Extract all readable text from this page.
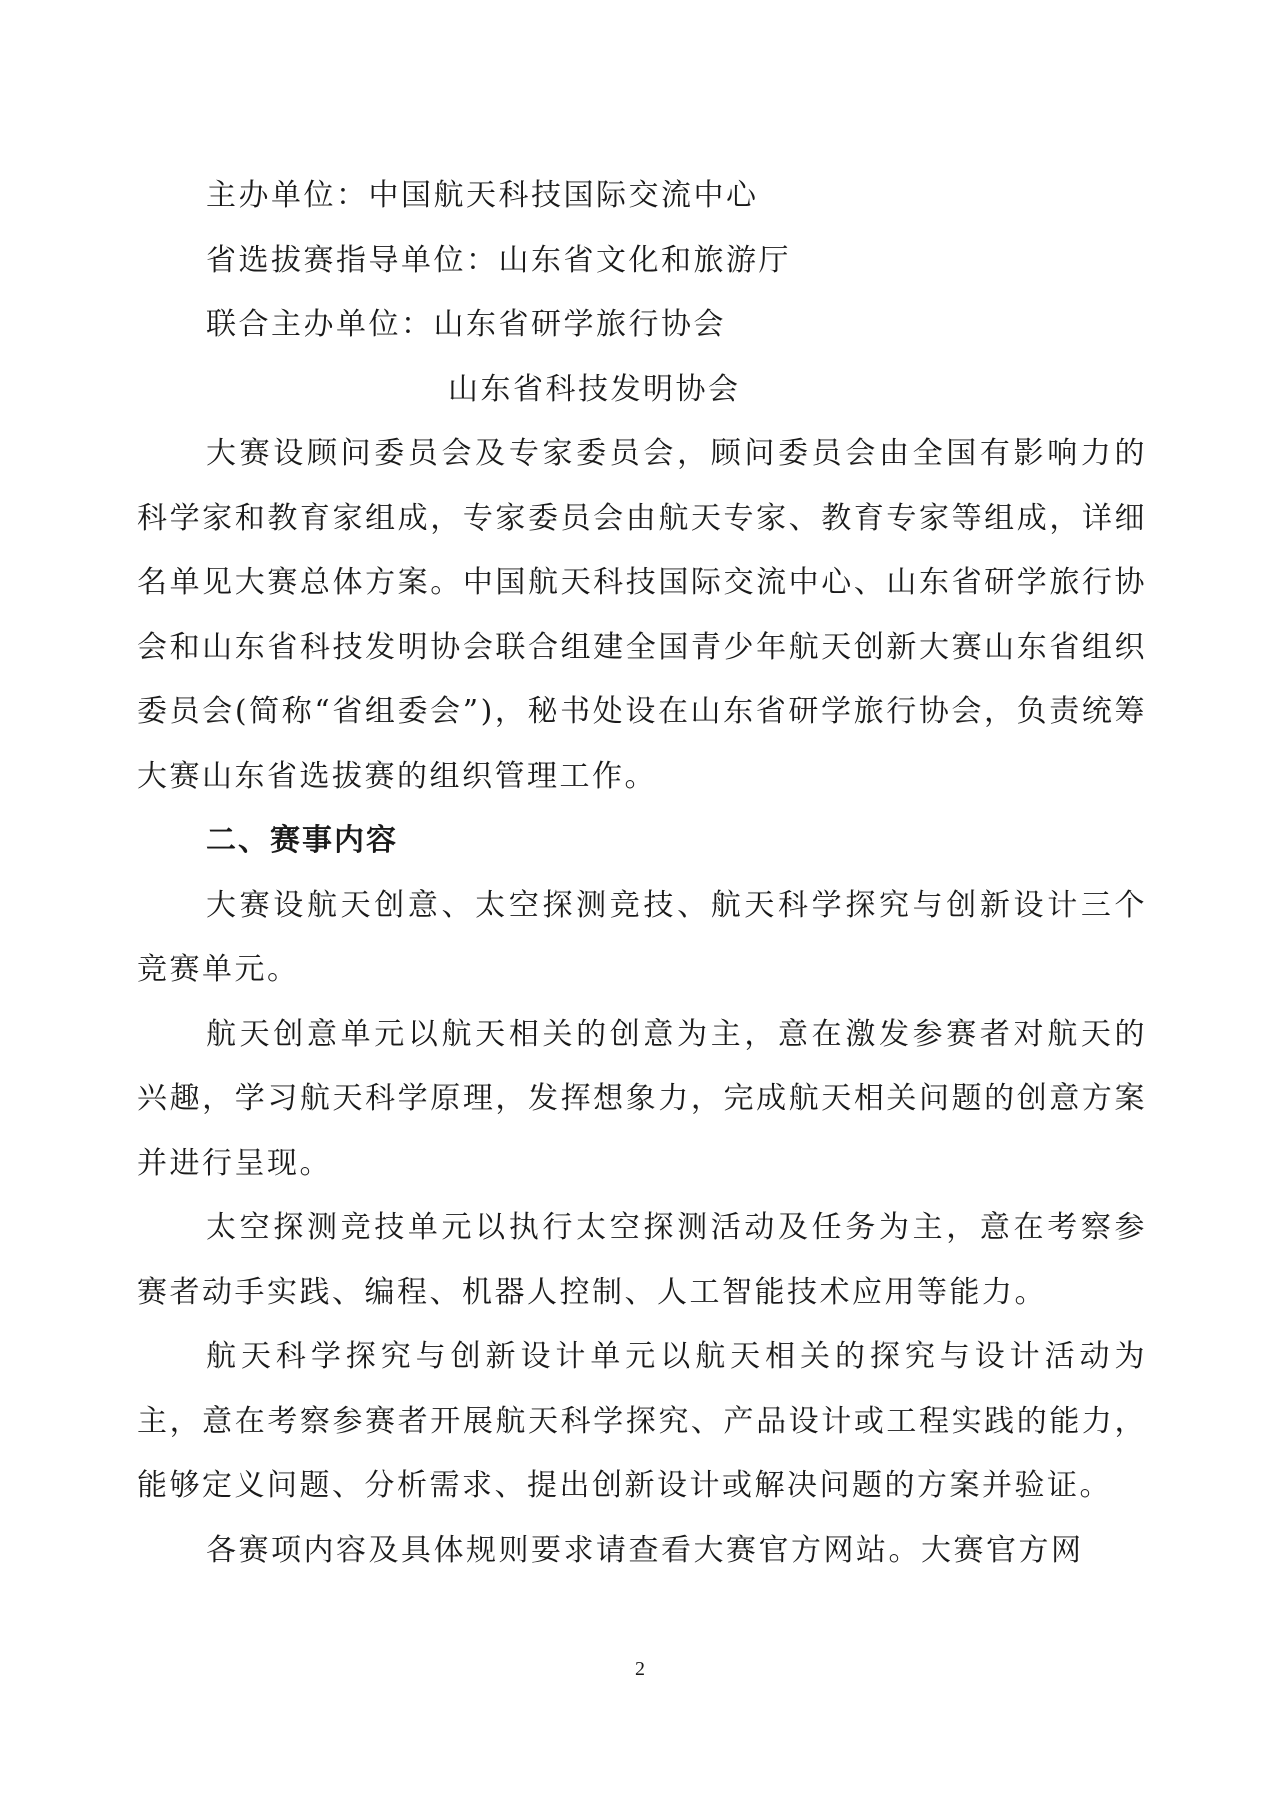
主办单位：中国航天科技国际交流中心
省选拔赛指导单位：山东省文化和旅游厅
联合主办单位：山东省研学旅行协会
山东省科技发明协会
大赛设顾问委员会及专家委员会，顾问委员会由全国有影响力的科学家和教育家组成，专家委员会由航天专家、教育专家等组成，详细名单见大赛总体方案。中国航天科技国际交流中心、山东省研学旅行协会和山东省科技发明协会联合组建全国青少年航天创新大赛山东省组织委员会(简称“省组委会”)，秘书处设在山东省研学旅行协会，负责统筹大赛山东省选拔赛的组织管理工作。
二、赛事内容
大赛设航天创意、太空探测竞技、航天科学探究与创新设计三个竞赛单元。
航天创意单元以航天相关的创意为主，意在激发参赛者对航天的兴趣，学习航天科学原理，发挥想象力，完成航天相关问题的创意方案并进行呈现。
太空探测竞技单元以执行太空探测活动及任务为主，意在考察参赛者动手实践、编程、机器人控制、人工智能技术应用等能力。
航天科学探究与创新设计单元以航天相关的探究与设计活动为主，意在考察参赛者开展航天科学探究、产品设计或工程实践的能力，能够定义问题、分析需求、提出创新设计或解决问题的方案并验证。
各赛项内容及具体规则要求请查看大赛官方网站。大赛官方网
2
